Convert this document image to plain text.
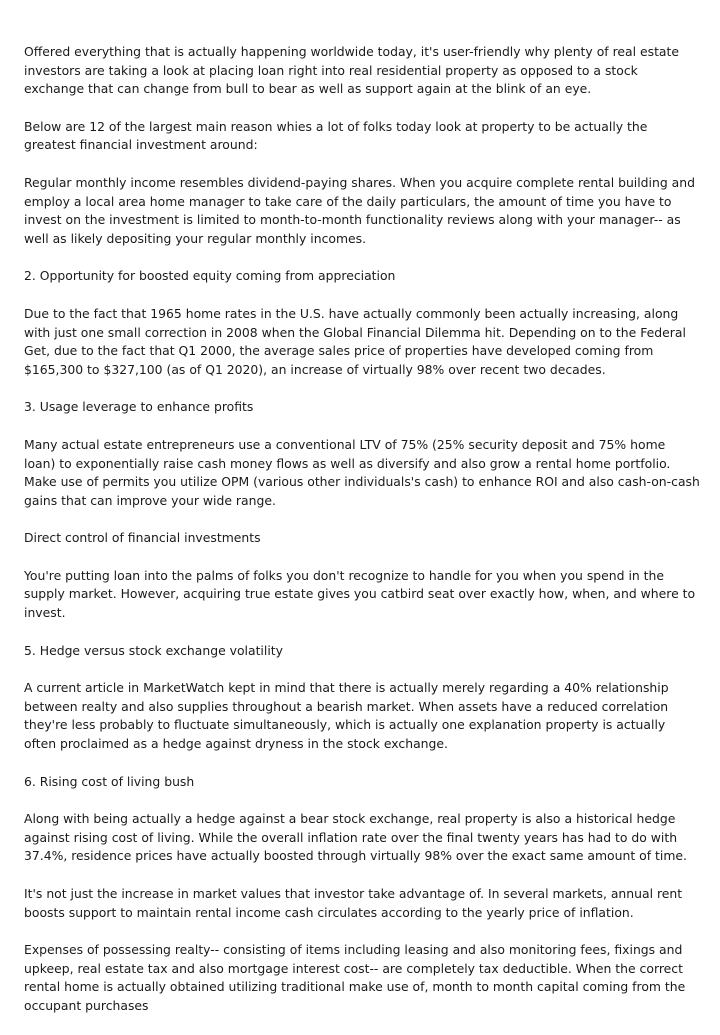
Offered everything that is actually happening worldwide today, it's user-friendly why plenty of real estate investors are taking a look at placing loan right into real residential property as opposed to a stock exchange that can change from bull to bear as well as support again at the blink of an eye.

Below are 12 of the largest main reason whies a lot of folks today look at property to be actually the greatest financial investment around:

Regular monthly income resembles dividend-paying shares. When you acquire complete rental building and employ a local area home manager to take care of the daily particulars, the amount of time you have to invest on the investment is limited to month-to-month functionality reviews along with your manager-- as well as likely depositing your regular monthly incomes.

2. Opportunity for boosted equity coming from appreciation

Due to the fact that 1965 home rates in the U.S. have actually commonly been actually increasing, along with just one small correction in 2008 when the Global Financial Dilemma hit. Depending on to the Federal Get, due to the fact that Q1 2000, the average sales price of properties have developed coming from $165,300 to $327,100 (as of Q1 2020), an increase of virtually 98% over recent two decades.

3. Usage leverage to enhance profits

Many actual estate entrepreneurs use a conventional LTV of 75% (25% security deposit and 75% home loan) to exponentially raise cash money flows as well as diversify and also grow a rental home portfolio. Make use of permits you utilize OPM (various other individuals's cash) to enhance ROI and also cash-on-cash gains that can improve your wide range.

Direct control of financial investments

You're putting loan into the palms of folks you don't recognize to handle for you when you spend in the supply market. However, acquiring true estate gives you catbird seat over exactly how, when, and where to invest.

5. Hedge versus stock exchange volatility

A current article in MarketWatch kept in mind that there is actually merely regarding a 40% relationship between realty and also supplies throughout a bearish market. When assets have a reduced correlation they're less probably to fluctuate simultaneously, which is actually one explanation property is actually often proclaimed as a hedge against dryness in the stock exchange.

6. Rising cost of living bush

Along with being actually a hedge against a bear stock exchange, real property is also a historical hedge against rising cost of living. While the overall inflation rate over the final twenty years has had to do with 37.4%, residence prices have actually boosted through virtually 98% over the exact same amount of time.

It's not just the increase in market values that investor take advantage of. In several markets, annual rent boosts support to maintain rental income cash circulates according to the yearly price of inflation.

Expenses of possessing realty-- consisting of items including leasing and also monitoring fees, fixings and upkeep, real estate tax and also mortgage interest cost-- are completely tax deductible. When the correct rental home is actually obtained utilizing traditional make use of, month to month capital coming from the occupant purchases
